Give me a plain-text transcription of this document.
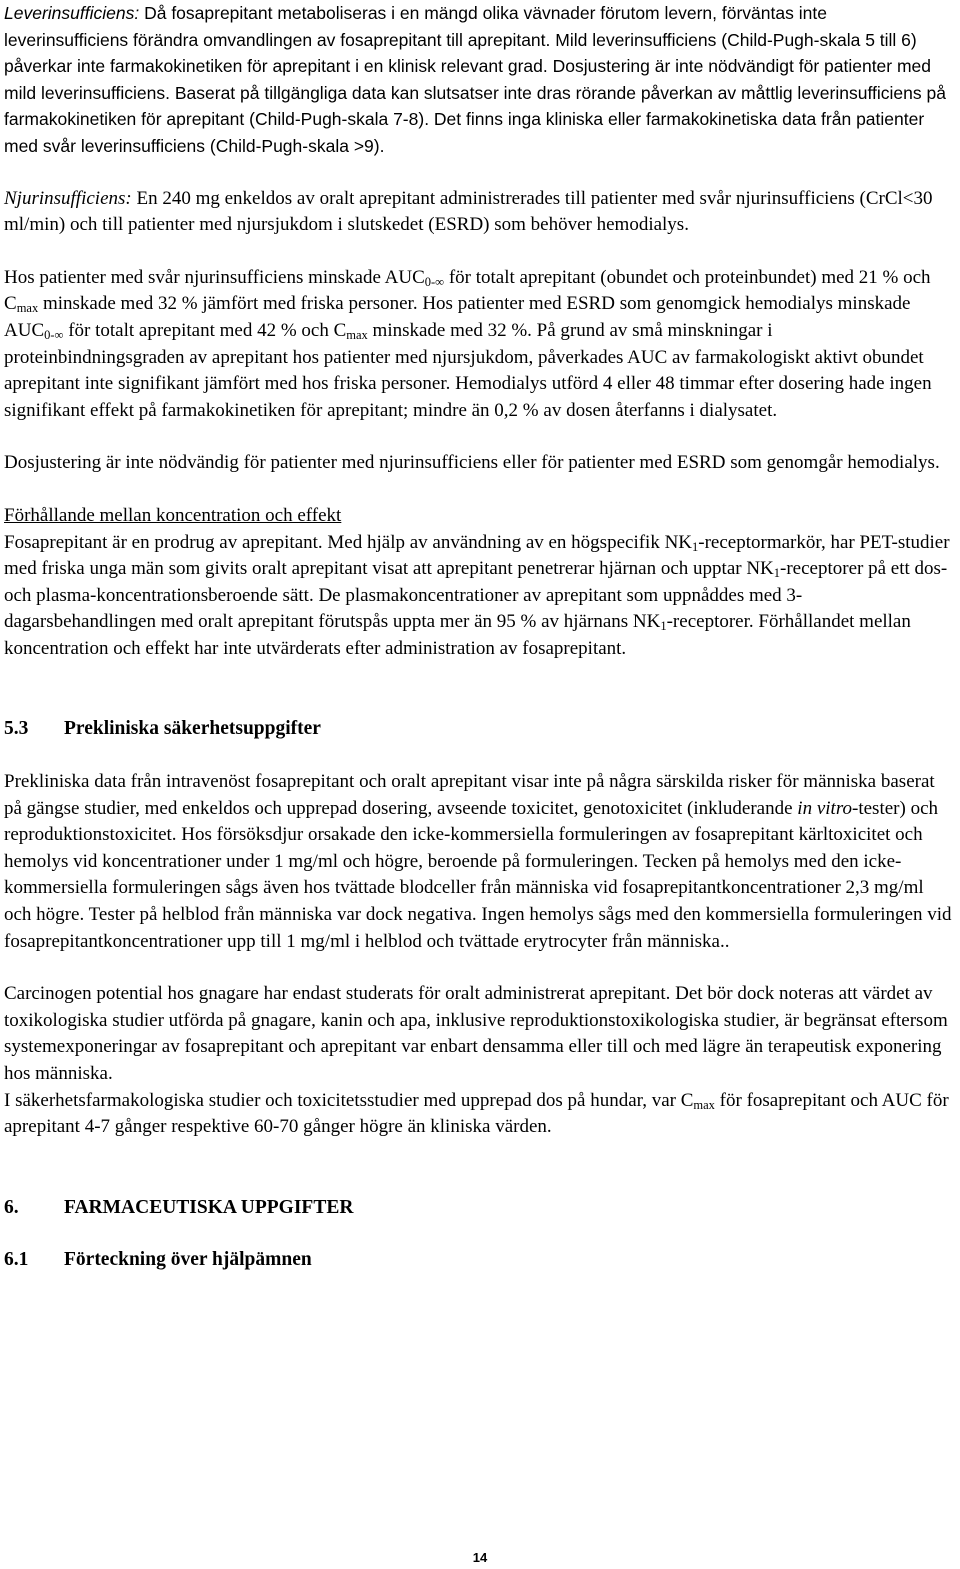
Leverinsufficiens: Då fosaprepitant metaboliseras i en mängd olika vävnader förutom levern, förväntas inte leverinsufficiens förändra omvandlingen av fosaprepitant till aprepitant. Mild leverinsufficiens (Child-Pugh-skala 5 till 6) påverkar inte farmakokinetiken för aprepitant i en klinisk relevant grad. Dosjustering är inte nödvändigt för patienter med mild leverinsufficiens. Baserat på tillgängliga data kan slutsatser inte dras rörande påverkan av måttlig leverinsufficiens på farmakokinetiken för aprepitant (Child-Pugh-skala 7-8). Det finns inga kliniska eller farmakokinetiska data från patienter med svår leverinsufficiens (Child-Pugh-skala >9).

Njurinsufficiens: En 240 mg enkeldos av oralt aprepitant administrerades till patienter med svår njurinsufficiens (CrCl<30 ml/min) och till patienter med njursjukdom i slutskedet (ESRD) som behöver hemodialys.

Hos patienter med svår njurinsufficiens minskade $AUC_{0-\infty}$ för totalt aprepitant (obundet och proteinbundet) med 21 % och $C_{max}$ minskade med 32 % jämfört med friska personer. Hos patienter med ESRD som genomgick hemodialys minskade $AUC_{0-\infty}$ för totalt aprepitant med 42 % och $C_{max}$ minskade med 32 %. På grund av små minskningar i proteinbindningsgraden av aprepitant hos patienter med njursjukdom, påverkades AUC av farmakologiskt aktivt obundet aprepitant inte signifikant jämfört med hos friska personer. Hemodialys utförd 4 eller 48 timmar efter dosering hade ingen signifikant effekt på farmakokinetiken för aprepitant; mindre än 0,2 % av dosen återfanns i dialysatet.

Dosjustering är inte nödvändig för patienter med njurinsufficiens eller för patienter med ESRD som genomgår hemodialys.

Förhållande mellan koncentration och effekt

Fosaprepitant är en prodrug av aprepitant. Med hjälp av användning av en högspecifik $NK_1$-receptormarkör, har PET-studier med friska unga män som givits oralt aprepitant visat att aprepitant penetrerar hjärnan och upptar $NK_1$-receptorer på ett dos- och plasma-koncentrationsberoende sätt. De plasmakoncentrationer av aprepitant som uppnåddes med 3-dagarsbehandlingen med oralt aprepitant förutspås uppta mer än 95 % av hjärnans $NK_1$-receptorer. Förhållandet mellan koncentration och effekt har inte utvärderats efter administration av fosaprepitant.

5.3	Prekliniska säkerhetsuppgifter

Prekliniska data från intravenöst fosaprepitant och oralt aprepitant visar inte på några särskilda risker för människa baserat på gängse studier, med enkeldos och upprepad dosering, avseende toxicitet, genotoxicitet (inkluderande in vitro-tester) och reproduktionstoxicitet. Hos försöksdjur orsakade den icke-kommersiella formuleringen av fosaprepitant kärltoxicitet och hemolys vid koncentrationer under 1 mg/ml och högre, beroende på formuleringen. Tecken på hemolys med den icke-kommersiella formuleringen sågs även hos tvättade blodceller från människa vid fosaprepitantkoncentrationer 2,3 mg/ml och högre. Tester på helblod från människa var dock negativa. Ingen hemolys sågs med den kommersiella formuleringen vid fosaprepitantkoncentrationer upp till 1 mg/ml i helblod och tvättade erytrocyter från människa..

Carcinogen potential hos gnagare har endast studerats för oralt administrerat aprepitant. Det bör dock noteras att värdet av toxikologiska studier utförda på gnagare, kanin och apa, inklusive reproduktionstoxikologiska studier, är begränsat eftersom systemexponeringar av fosaprepitant och aprepitant var enbart densamma eller till och med lägre än terapeutisk exponering hos människa.

I säkerhetsfarmakologiska studier och toxicitetsstudier med upprepad dos på hundar, var $C_{max}$ för fosaprepitant och AUC för aprepitant 4-7 gånger respektive 60-70 gånger högre än kliniska värden.

6.	FARMACEUTISKA UPPGIFTER
6.1	Förteckning över hjälpämnen
14
